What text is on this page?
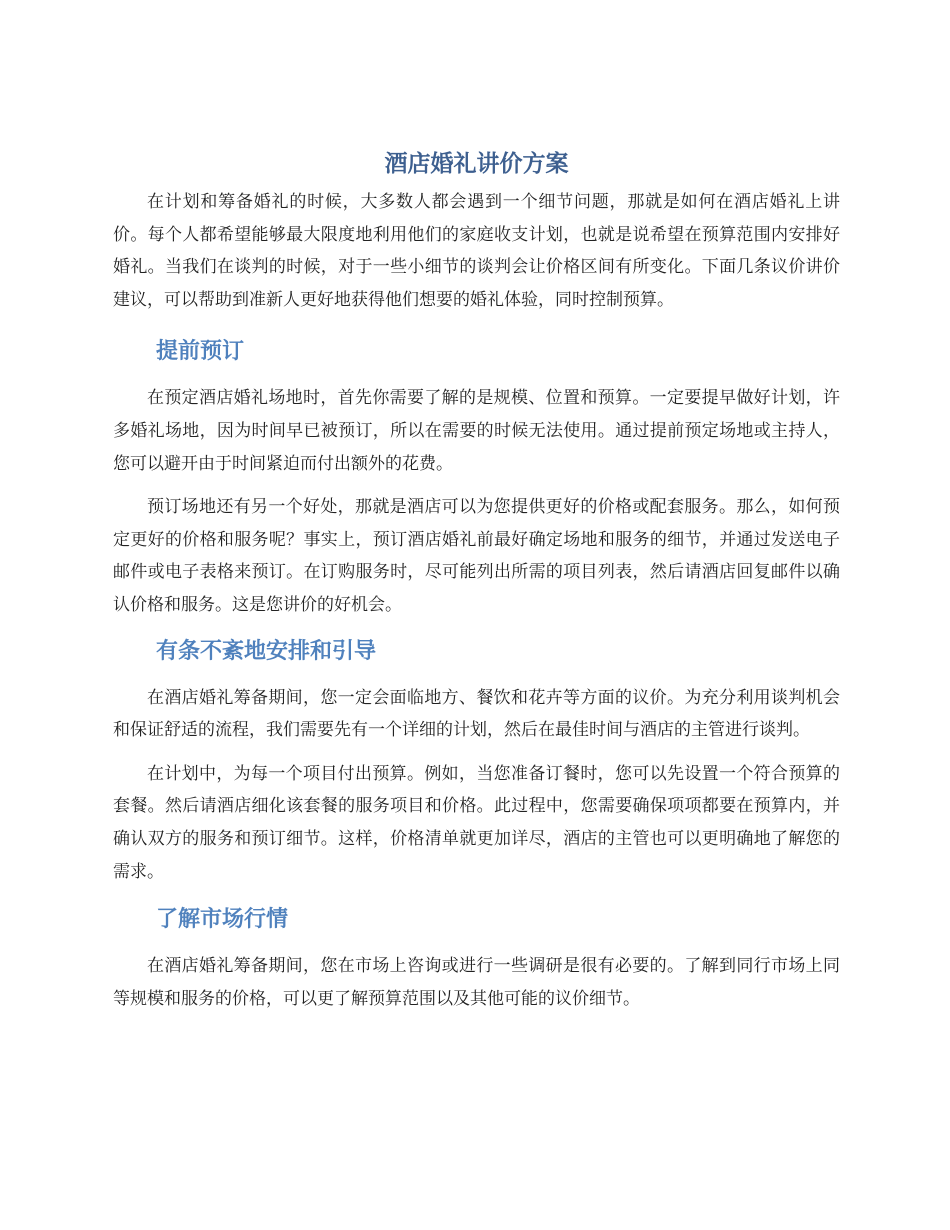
酒店婚礼讲价方案

在计划和筹备婚礼的时候，大多数人都会遇到一个细节问题，那就是如何在酒店婚礼上讲价。每个人都希望能够最大限度地利用他们的家庭收支计划，也就是说希望在预算范围内安排好婚礼。当我们在谈判的时候，对于一些小细节的谈判会让价格区间有所变化。下面几条议价讲价建议，可以帮助到准新人更好地获得他们想要的婚礼体验，同时控制预算。

提前预订

在预定酒店婚礼场地时，首先你需要了解的是规模、位置和预算。一定要提早做好计划，许多婚礼场地，因为时间早已被预订，所以在需要的时候无法使用。通过提前预定场地或主持人，您可以避开由于时间紧迫而付出额外的花费。

预订场地还有另一个好处，那就是酒店可以为您提供更好的价格或配套服务。那么，如何预定更好的价格和服务呢？事实上，预订酒店婚礼前最好确定场地和服务的细节，并通过发送电子邮件或电子表格来预订。在订购服务时，尽可能列出所需的项目列表，然后请酒店回复邮件以确认价格和服务。这是您讲价的好机会。

有条不紊地安排和引导

在酒店婚礼筹备期间，您一定会面临地方、餐饮和花卉等方面的议价。为充分利用谈判机会和保证舒适的流程，我们需要先有一个详细的计划，然后在最佳时间与酒店的主管进行谈判。

在计划中，为每一个项目付出预算。例如，当您准备订餐时，您可以先设置一个符合预算的套餐。然后请酒店细化该套餐的服务项目和价格。此过程中，您需要确保项项都要在预算内，并确认双方的服务和预订细节。这样，价格清单就更加详尽，酒店的主管也可以更明确地了解您的需求。

了解市场行情

在酒店婚礼筹备期间，您在市场上咨询或进行一些调研是很有必要的。了解到同行市场上同等规模和服务的价格，可以更了解预算范围以及其他可能的议价细节。
